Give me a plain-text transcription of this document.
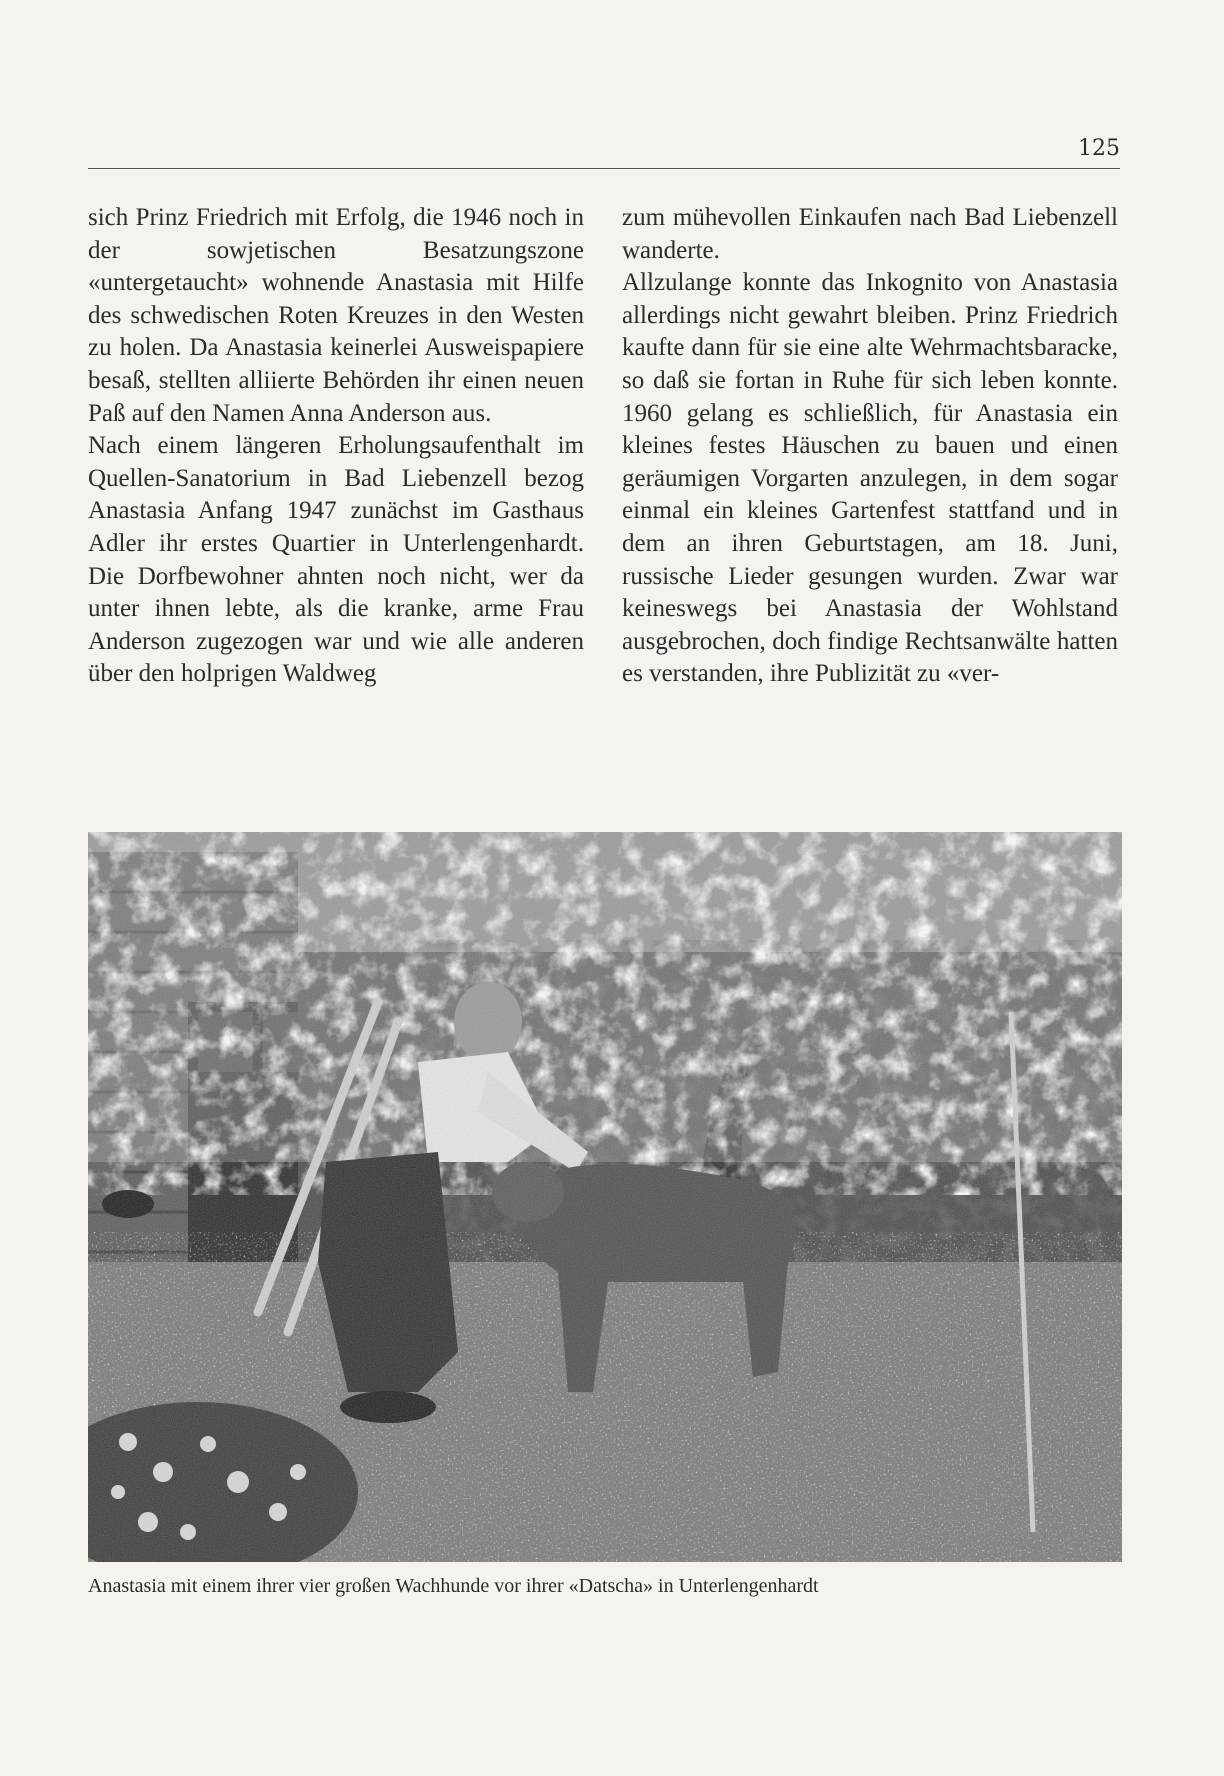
125

sich Prinz Friedrich mit Erfolg, die 1946 noch in der sowjetischen Besatzungszone «untergetaucht» wohnende Anastasia mit Hilfe des schwedischen Roten Kreuzes in den Westen zu holen. Da Anastasia keinerlei Ausweispapiere besaß, stellten alliierte Behörden ihr einen neuen Paß auf den Namen Anna Anderson aus.

Nach einem längeren Erholungsaufenthalt im Quellen-Sanatorium in Bad Liebenzell bezog Anastasia Anfang 1947 zunächst im Gasthaus Adler ihr erstes Quartier in Unterlengenhardt. Die Dorfbewohner ahnten noch nicht, wer da unter ihnen lebte, als die kranke, arme Frau Anderson zugezogen war und wie alle anderen über den holprigen Waldweg

zum mühevollen Einkaufen nach Bad Liebenzell wanderte.

Allzulange konnte das Inkognito von Anastasia allerdings nicht gewahrt bleiben. Prinz Friedrich kaufte dann für sie eine alte Wehrmachtsbaracke, so daß sie fortan in Ruhe für sich leben konnte. 1960 gelang es schließlich, für Anastasia ein kleines festes Häuschen zu bauen und einen geräumigen Vorgarten anzulegen, in dem sogar einmal ein kleines Gartenfest stattfand und in dem an ihren Geburtstagen, am 18. Juni, russische Lieder gesungen wurden. Zwar war keineswegs bei Anastasia der Wohlstand ausgebrochen, doch findige Rechtsanwälte hatten es verstanden, ihre Publizität zu «ver-

Anastasia mit einem ihrer vier großen Wachhunde vor ihrer «Datscha» in Unterlengenhardt
